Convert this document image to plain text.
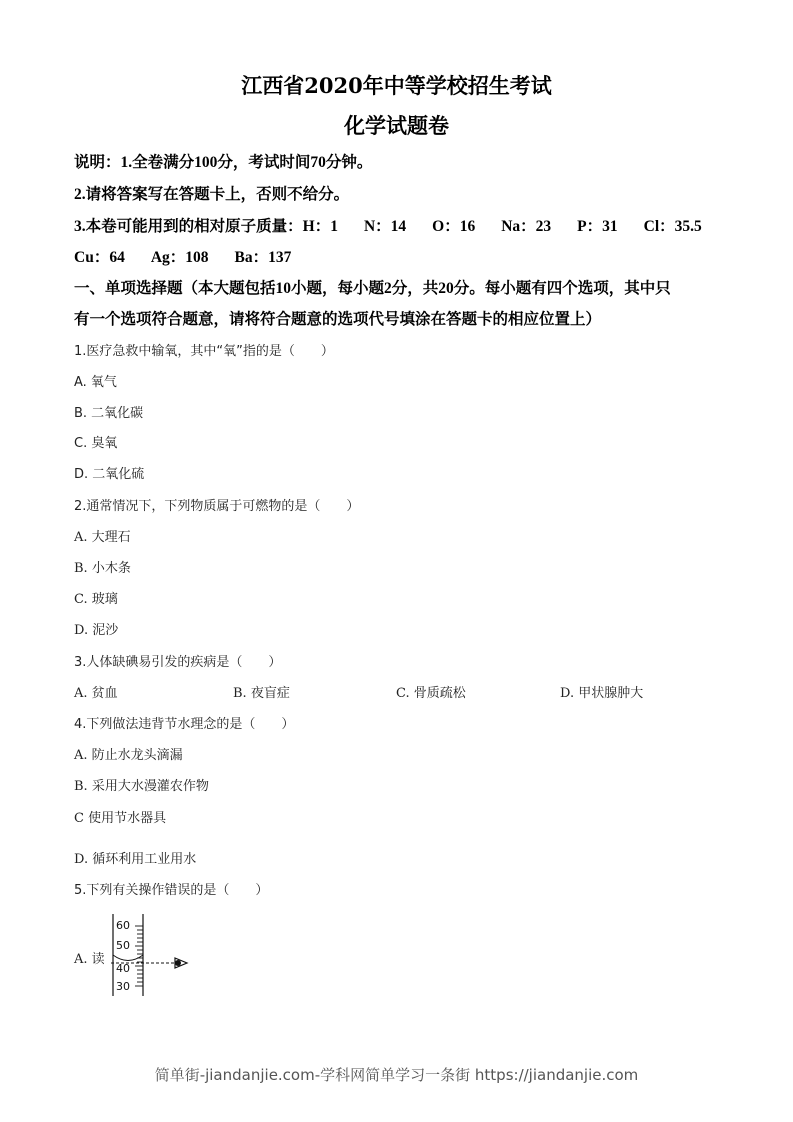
江西省2020年中等学校招生考试
化学试题卷
说明：1.全卷满分100分，考试时间70分钟。
2.请将答案写在答题卡上，否则不给分。
3.本卷可能用到的相对原子质量：H：1 N：14 O：16 Na：23 P：31 Cl：35.5
Cu：64 Ag：108 Ba：137
一、单项选择题（本大题包括10小题，每小题2分，共20分。每小题有四个选项，其中只
有一个选项符合题意，请将符合题意的选项代号填涂在答题卡的相应位置上）
1.医疗急救中输氧，其中“氧”指的是（　　）
A. 氧气
B. 二氧化碳
C. 臭氧
D. 二氧化硫
2.通常情况下，下列物质属于可燃物的是（　　）
A. 大理石
B. 小木条
C. 玻璃
D. 泥沙
3.人体缺碘易引发的疾病是（　　）
A. 贫血	B. 夜盲症	C. 骨质疏松	D. 甲状腺肿大
4.下列做法违背节水理念的是（　　）
A. 防止水龙头滴漏
B. 采用大水漫灌农作物
C 使用节水器具
D. 循环利用工业用水
5.下列有关操作错误的是（　　）
A. 读
60
50
40
30
简单街-jiandanjie.com-学科网简单学习一条街 https://jiandanjie.com
